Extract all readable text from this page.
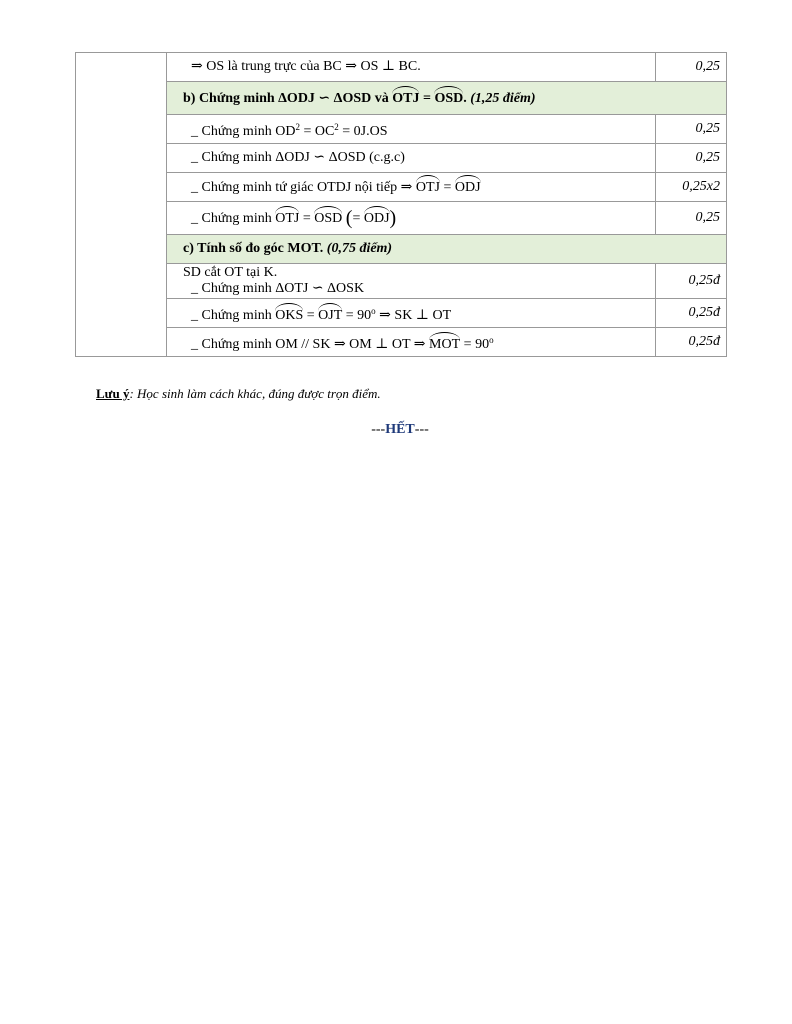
	⇒ OS là trung trực của BC ⇒ OS ⊥ BC.	0,25
	b) Chứng minh ΔODJ ∽ ΔOSD và OTJ = OSD. (1,25 điểm)	
	_ Chứng minh $OD^2 = OC^2 = 0J.OS$	0,25
	_ Chứng minh ΔODJ ∽ ΔOSD (c.g.c)	0,25
	_ Chứng minh tứ giác OTDJ nội tiếp ⇒ OTJ = ODJ	0,25x2
	_ Chứng minh OTJ = OSD (= ODJ)	0,25
	c) Tính số đo góc MOT. (0,75 điểm)	

	SD cắt OT tại K.
_ Chứng minh ΔOTJ ∽ ΔOSK	0,25đ
	_ Chứng minh OKS = OJT = $90^o$ ⇒ SK ⊥ OT	0,25đ
	_ Chứng minh OM // SK ⇒ OM ⊥ OT ⇒ MOT = $90^o$	0,25đ
Lưu ý: Học sinh làm cách khác, đúng được trọn điểm.
---HẾT---
